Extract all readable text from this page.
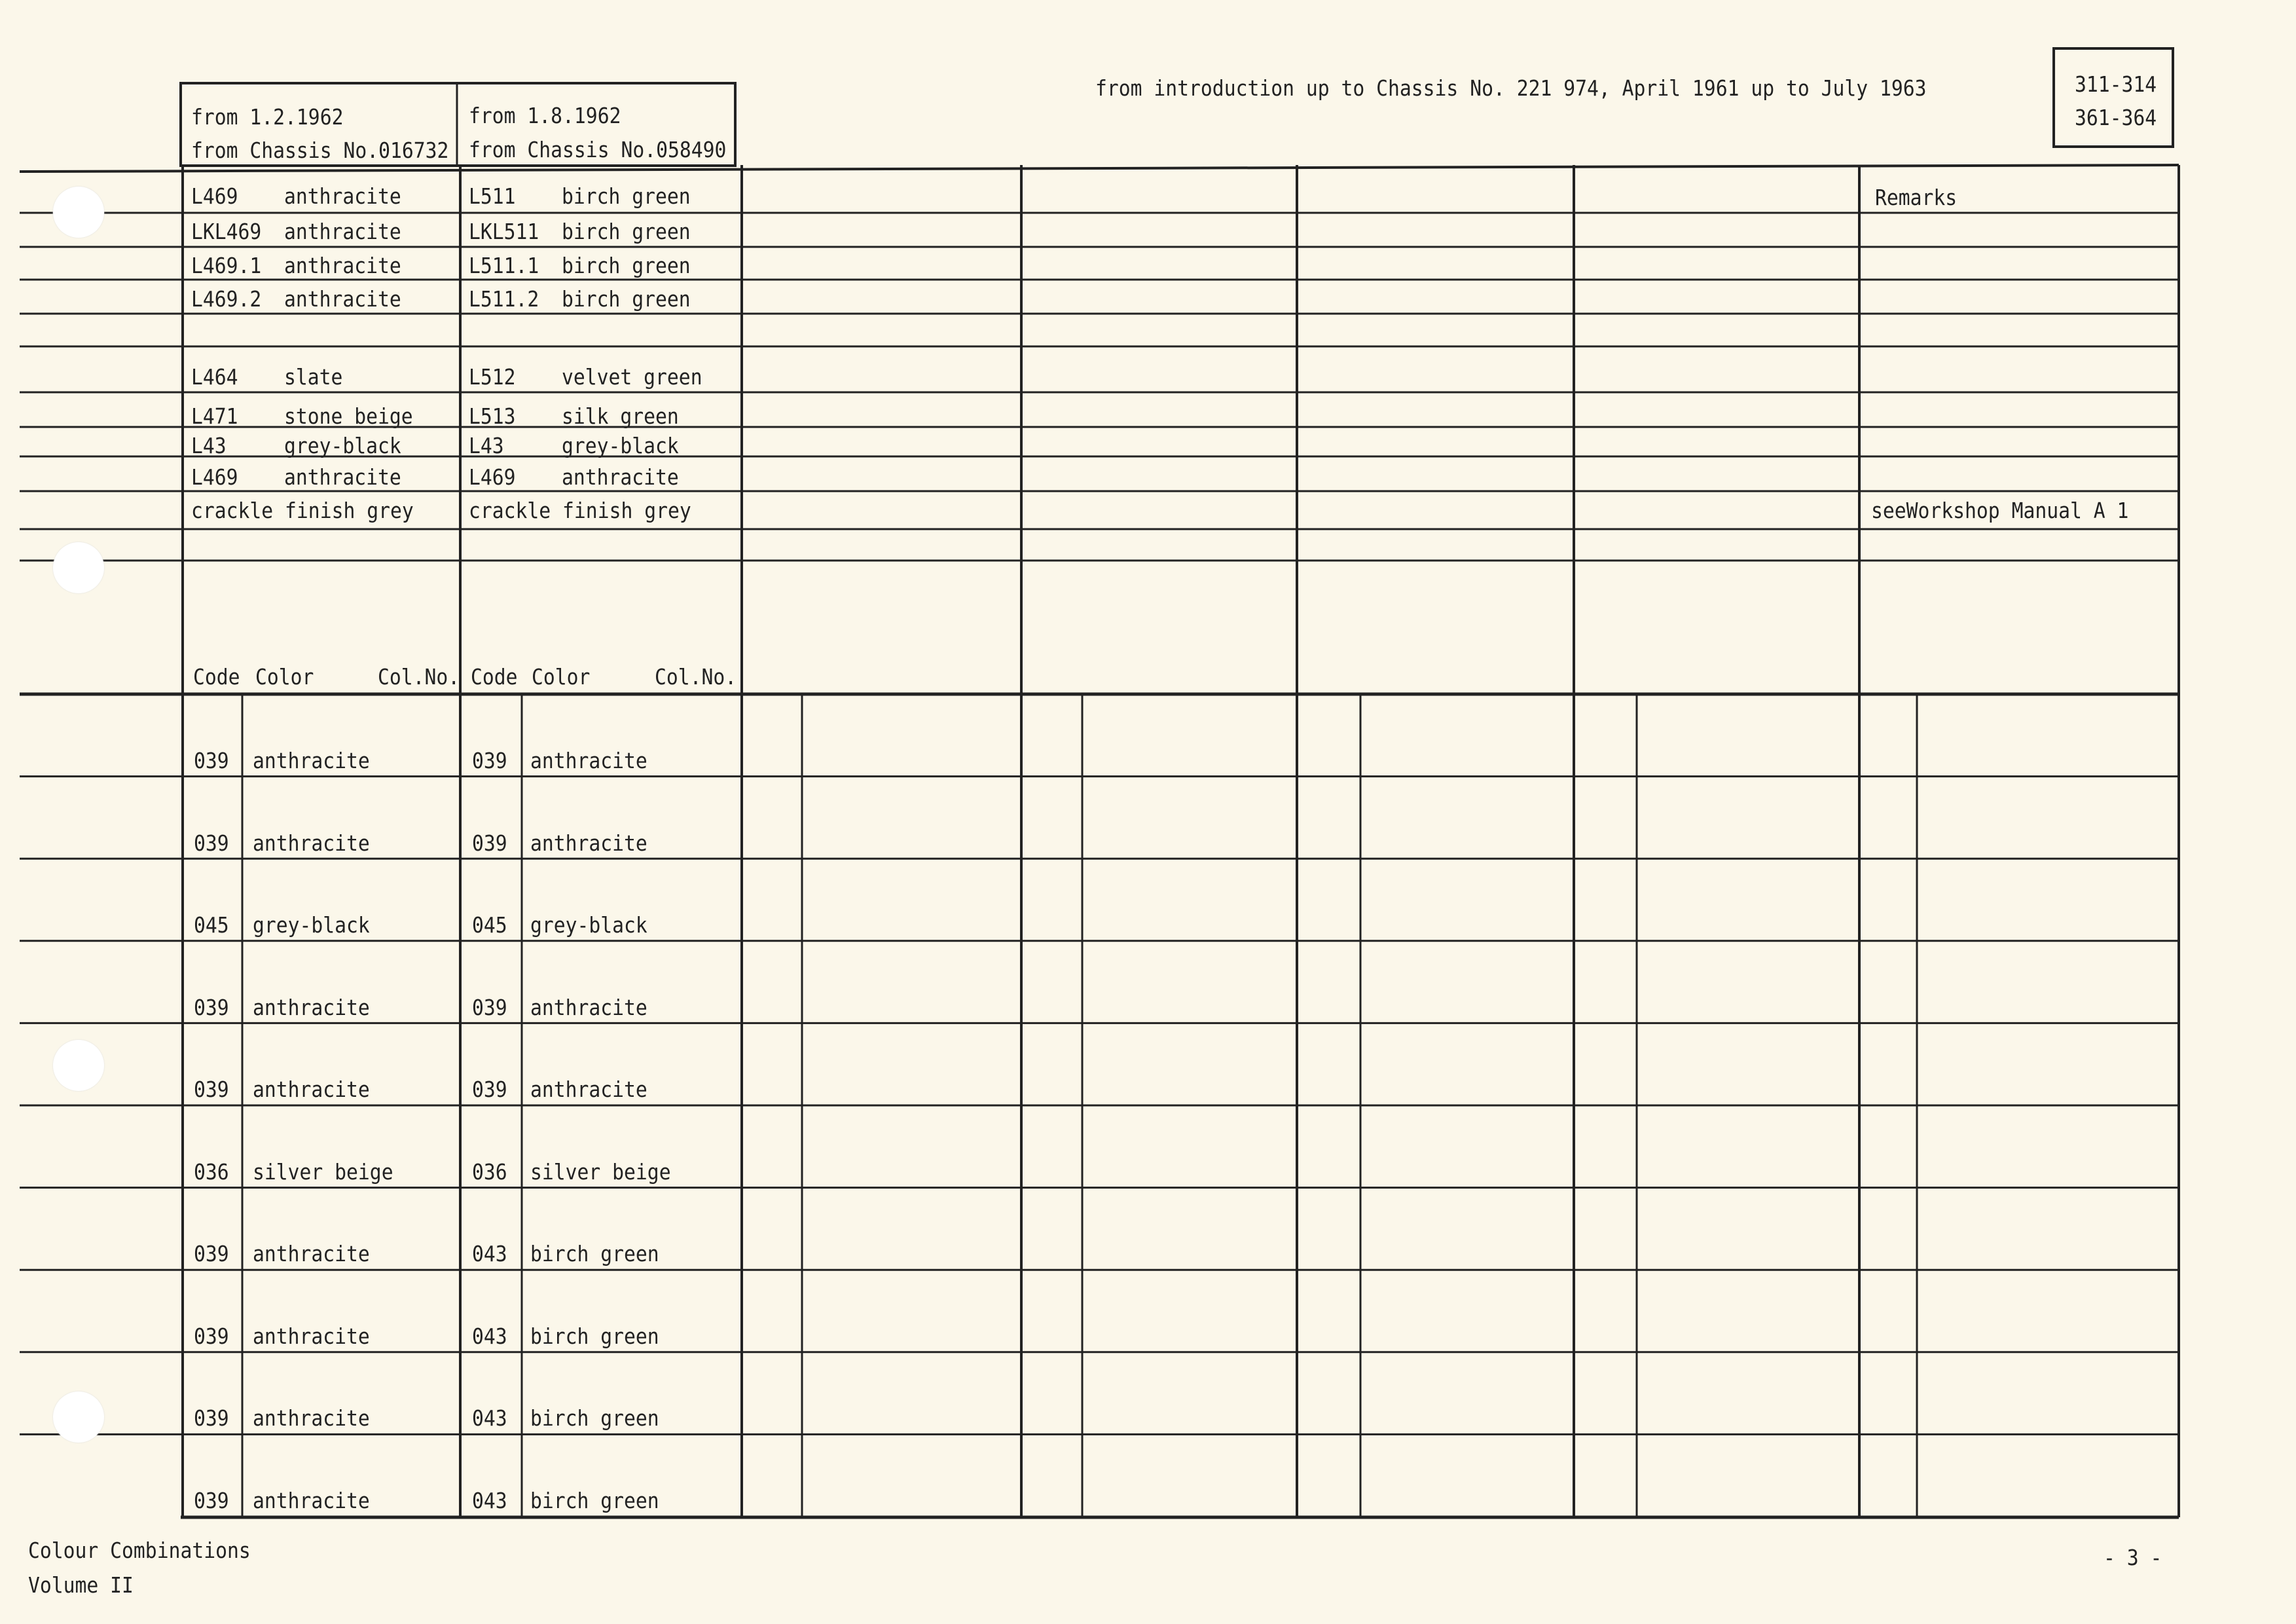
from 1.2.1962
from Chassis No.016732
from 1.8.1962
from Chassis No.058490
from introduction up to Chassis No. 221 974, April 1961 up to July 1963	311-314
361-364
Remarks
L469 anthracite	L511 birch green
LKL469 anthracite	LKL511 birch green
L469.1 anthracite	L511.1 birch green
L469.2 anthracite	L511.2 birch green
L464 slate	L512 velvet green
L471 stone beige	L513 silk green
L43	grey-black	L43	grey-black
L469 anthracite	L469 anthracite
crackle finish grey	crackle finish grey	seeWorkshop Manual A 1
Code Color	Col.No. Code Color	Col.No.
039 anthracite	039 anthracite
039 anthracite	039 anthracite
045 grey-black	045 grey-black
039 anthracite	039 anthracite
039 anthracite	039 anthracite
036 silver beige	036 silver beige
039 anthracite	043 birch green
039 anthracite	043 birch green
039 anthracite	043 birch green
039 anthracite	043 birch green
Colour Combinations
Volume II
- 3 -
